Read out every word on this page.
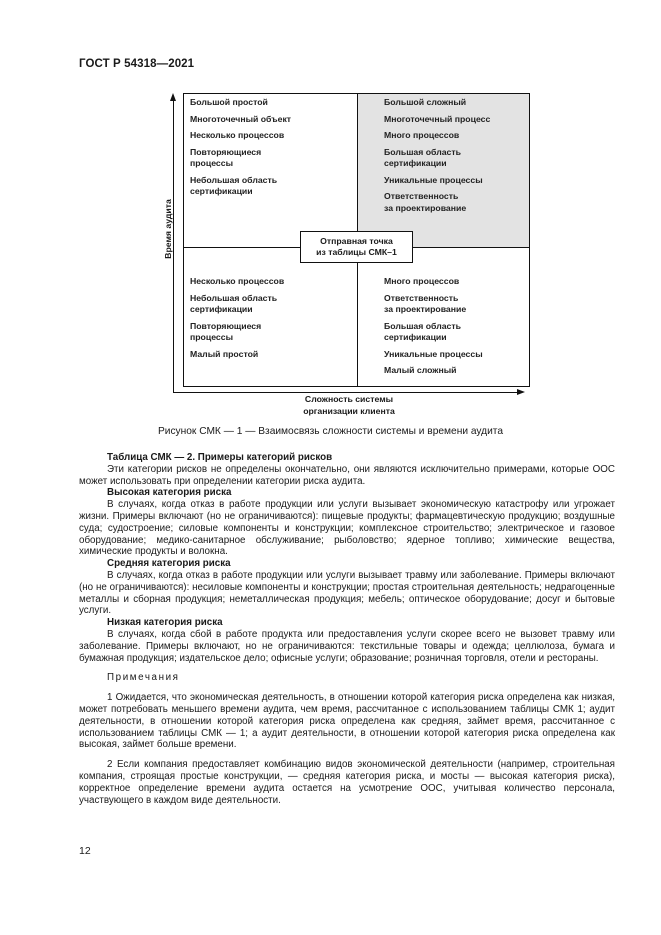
ГОСТ Р 54318—2021
Время аудита
Большой простой
Многоточечный объект
Несколько процессов
Повторяющиеся
процессы
Небольшая область
сертификации
Большой сложный
Многоточечный процесс
Много процессов
Большая область
сертификации
Уникальные процессы
Ответственность
за проектирование
Несколько процессов
Небольшая область
сертификации
Повторяющиеся
процессы
Малый простой
Много процессов
Ответственность
за проектирование
Большая область
сертификации
Уникальные процессы
Малый сложный
Отправная точка
из таблицы СМК–1
Сложность системы
организации клиента
Рисунок СМК — 1 — Взаимосвязь сложности системы и времени аудита

Таблица СМК — 2. Примеры категорий рисков

Эти категории рисков не определены окончательно, они являются исключительно примерами, которые ООС может использовать при определении категории риска аудита.

Высокая категория риска

В случаях, когда отказ в работе продукции или услуги вызывает экономическую катастрофу или угрожает жизни. Примеры включают (но не ограничиваются): пищевые продукты; фармацевтическую продукцию; воздушные суда; судостроение; силовые компоненты и конструкции; комплексное строительство; электрическое и газовое оборудование; медико-санитарное обслуживание; рыболовство; ядерное топливо; химические вещества, химические продукты и волокна.

Средняя категория риска

В случаях, когда отказ в работе продукции или услуги вызывает травму или заболевание. Примеры включают (но не ограничиваются): несиловые компоненты и конструкции; простая строительная деятельность; недрагоценные металлы и сборная продукция; неметаллическая продукция; мебель; оптическое оборудование; досуг и бытовые услуги.

Низкая категория риска

В случаях, когда сбой в работе продукта или предоставления услуги скорее всего не вызовет травму или заболевание. Примеры включают, но не ограничиваются: текстильные товары и одежда; целлюлоза, бумага и бумажная продукция; издательское дело; офисные услуги; образование; розничная торговля, отели и рестораны.

Примечания

1 Ожидается, что экономическая деятельность, в отношении которой категория риска определена как низкая, может потребовать меньшего времени аудита, чем время, рассчитанное с использованием таблицы СМК 1; аудит деятельности, в отношении которой категория риска определена как средняя, займет время, рассчитанное с использованием таблицы СМК — 1; а аудит деятельности, в отношении которой категория риска определена как высокая, займет больше времени.

2 Если компания предоставляет комбинацию видов экономической деятельности (например, строительная компания, строящая простые конструкции, — средняя категория риска, и мосты — высокая категория риска), корректное определение времени аудита остается на усмотрение ООС, учитывая количество персонала, участвующего в каждом виде деятельности.

12
